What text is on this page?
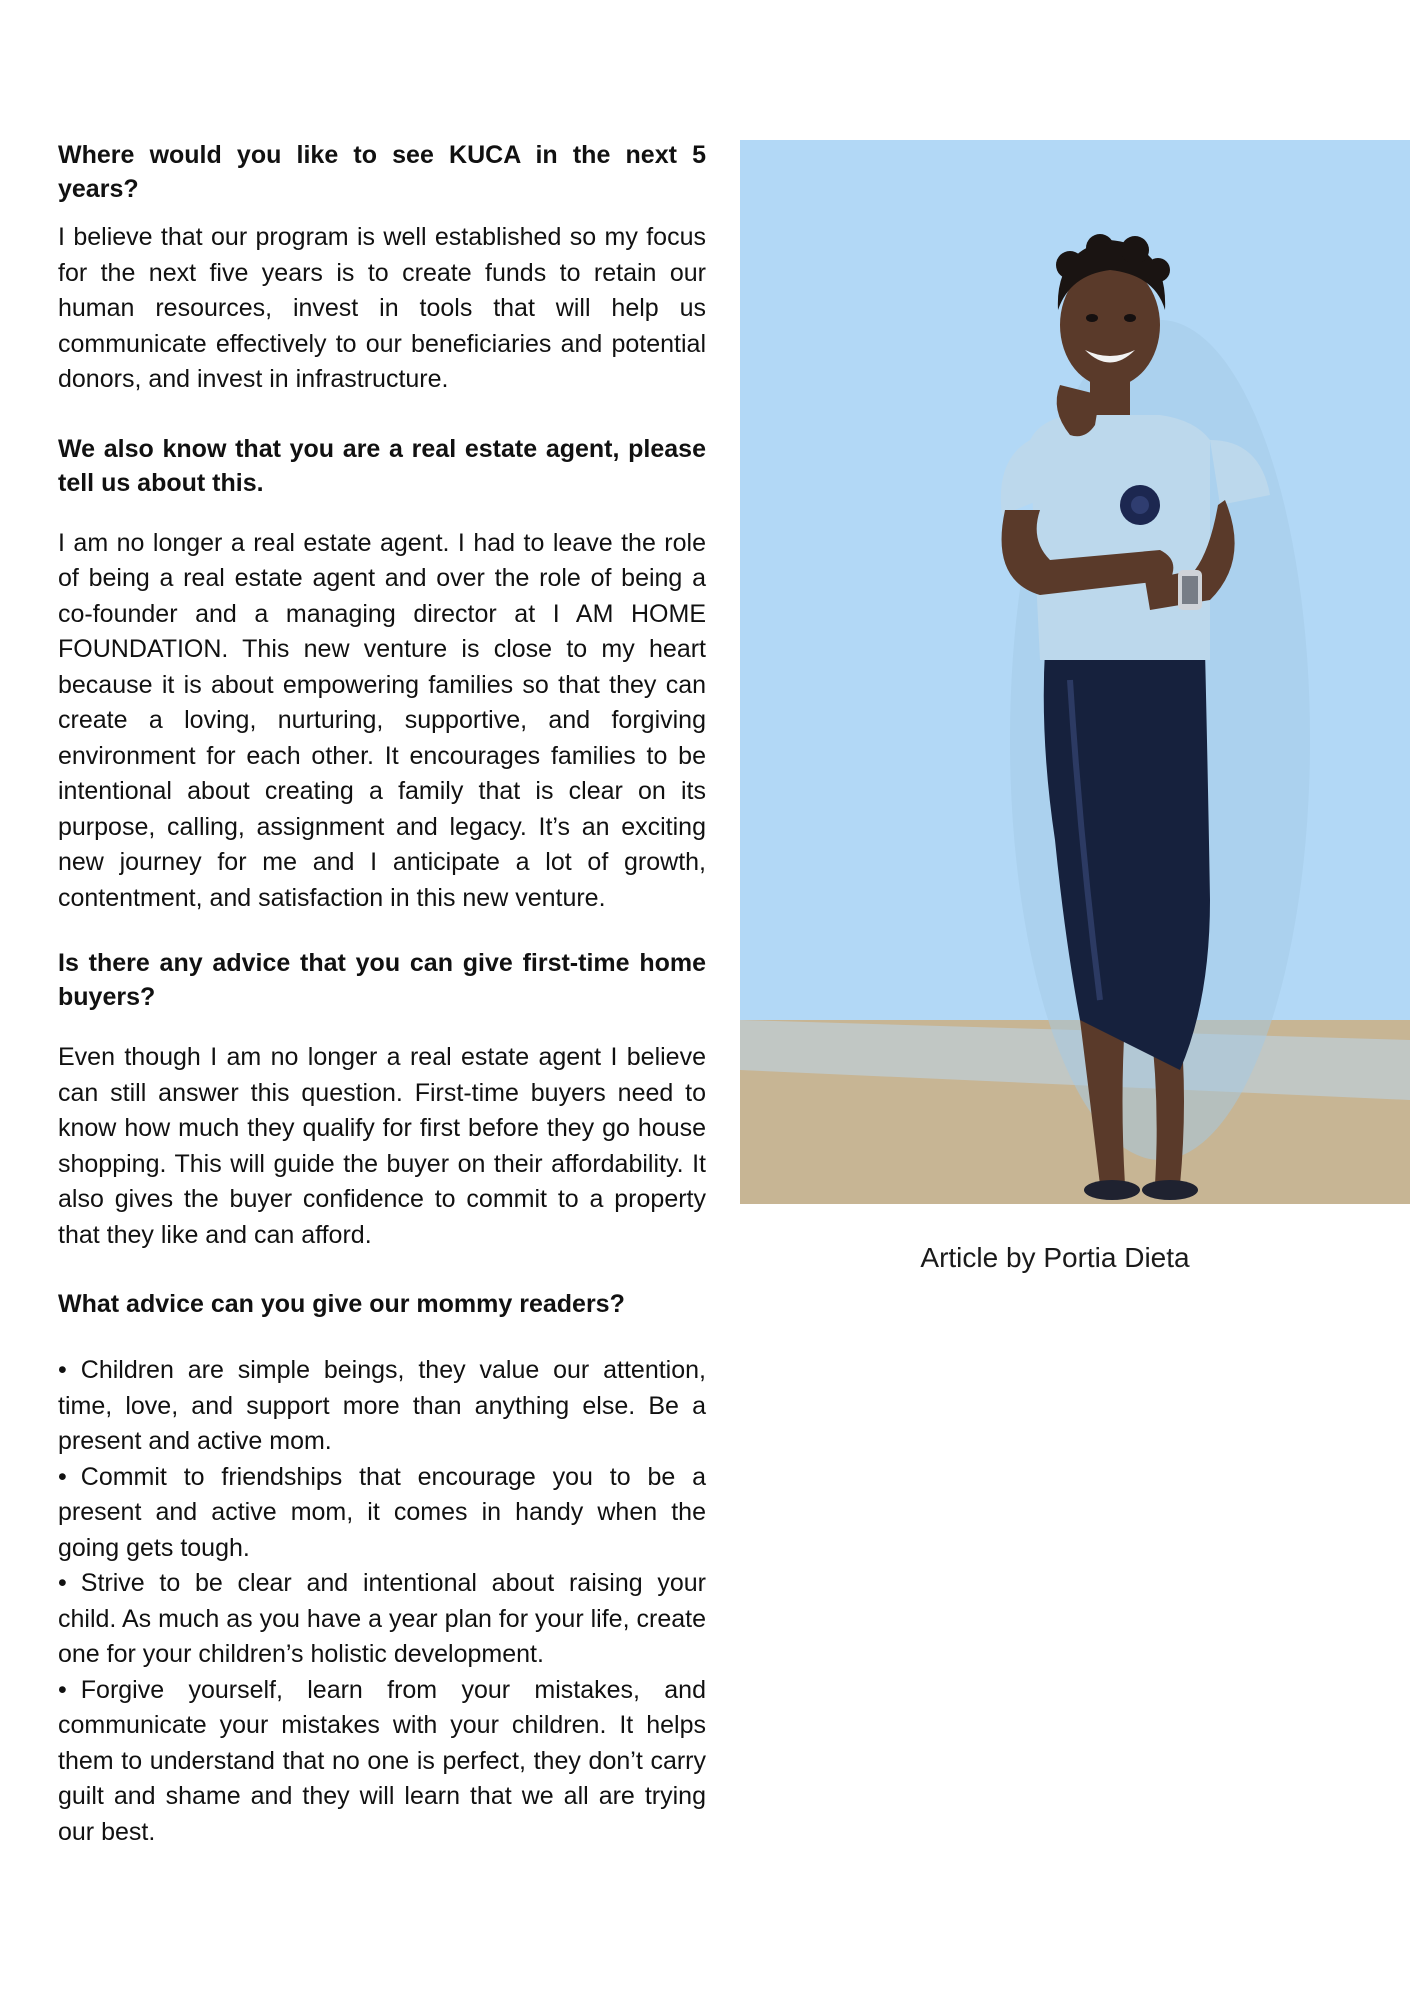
Where would you like to see KUCA in the next 5 years?

I believe that our program is well established so my focus for the next five years is to create funds to retain our human resources, invest in tools that will help us communicate effectively to our beneficiaries and potential donors, and invest in infrastructure.

We also know that you are a real estate agent, please tell us about this.

I am no longer a real estate agent. I had to leave the role of being a real estate agent and over the role of being a co-founder and a managing director at I AM HOME FOUNDATION. This new venture is close to my heart because it is about empowering families so that they can create a loving, nurturing, supportive, and forgiving environment for each other. It encourages families to be intentional about creating a family that is clear on its purpose, calling, assignment and legacy. It’s an exciting new journey for me and I anticipate a lot of growth, contentment, and satisfaction in this new venture.

Is there any advice that you can give first-time home buyers?

Even though I am no longer a real estate agent I believe can still answer this question. First-time buyers need to know how much they qualify for first before they go house shopping. This will guide the buyer on their affordability. It also gives the buyer confidence to commit to a property that they like and can afford.

What advice can you give our mommy readers?

• Children are simple beings, they value our attention, time, love, and support more than anything else. Be a present and active mom.
• Commit to friendships that encourage you to be a present and active mom, it comes in handy when the going gets tough.
• Strive to be clear and intentional about raising your child. As much as you have a year plan for your life, create one for your children’s holistic development.
• Forgive yourself, learn from your mistakes, and communicate your mistakes with your children. It helps them to understand that no one is perfect, they don’t carry guilt and shame and they will learn that we all are trying our best.
Article by Portia Dieta
